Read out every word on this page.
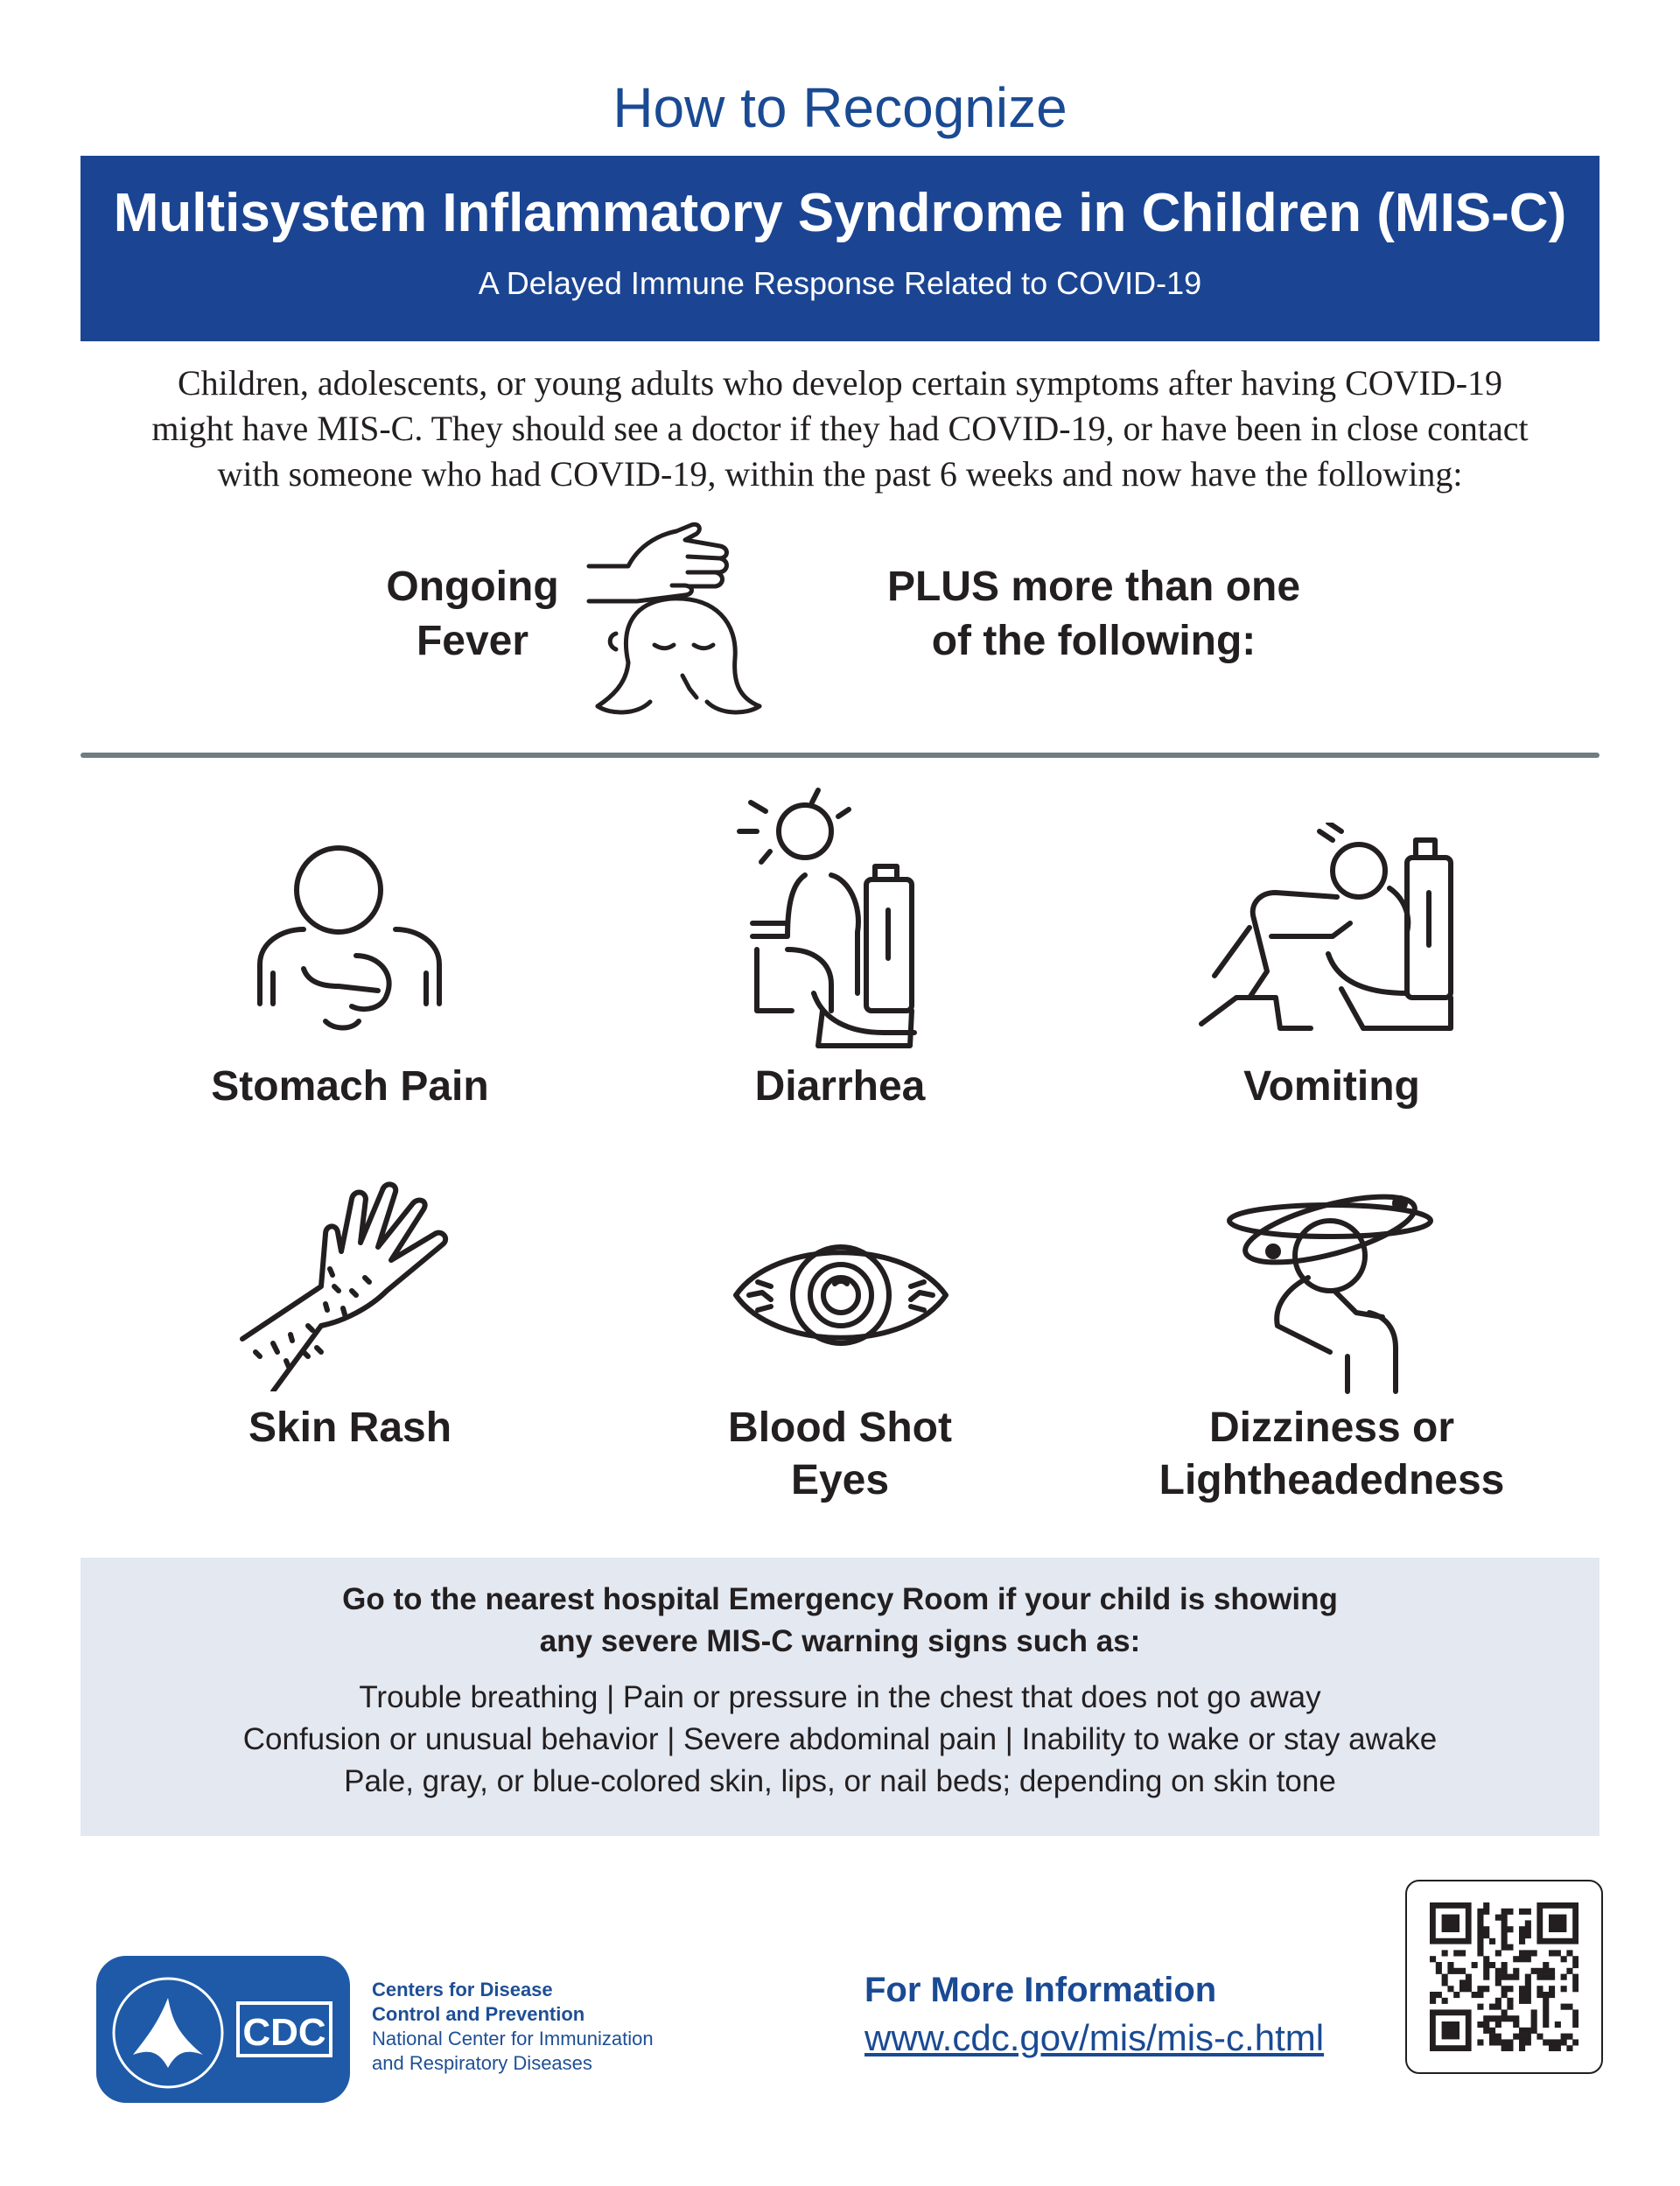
How to Recognize
Multisystem Inflammatory Syndrome in Children (MIS-C)
A Delayed Immune Response Related to COVID-19
Children, adolescents, or young adults who develop certain symptoms after having COVID-19
might have MIS-C. They should see a doctor if they had COVID-19, or have been in close contact
with someone who had COVID-19, within the past 6 weeks and now have the following:
Ongoing
Fever
PLUS more than one
of the following:
Stomach Pain	Diarrhea	Vomiting
Skin Rash	Blood Shot
Eyes
Dizziness or
Lightheadedness
Go to the nearest hospital Emergency Room if your child is showing
any severe MIS-C warning signs such as:
Trouble breathing | Pain or pressure in the chest that does not go away
Confusion or unusual behavior | Severe abdominal pain | Inability to wake or stay awake
Pale, gray, or blue-colored skin, lips, or nail beds; depending on skin tone
CDC
Centers for Disease
Control and Prevention
National Center for Immunization
and Respiratory Diseases
For More Information
www.cdc.gov/mis/mis-c.html
